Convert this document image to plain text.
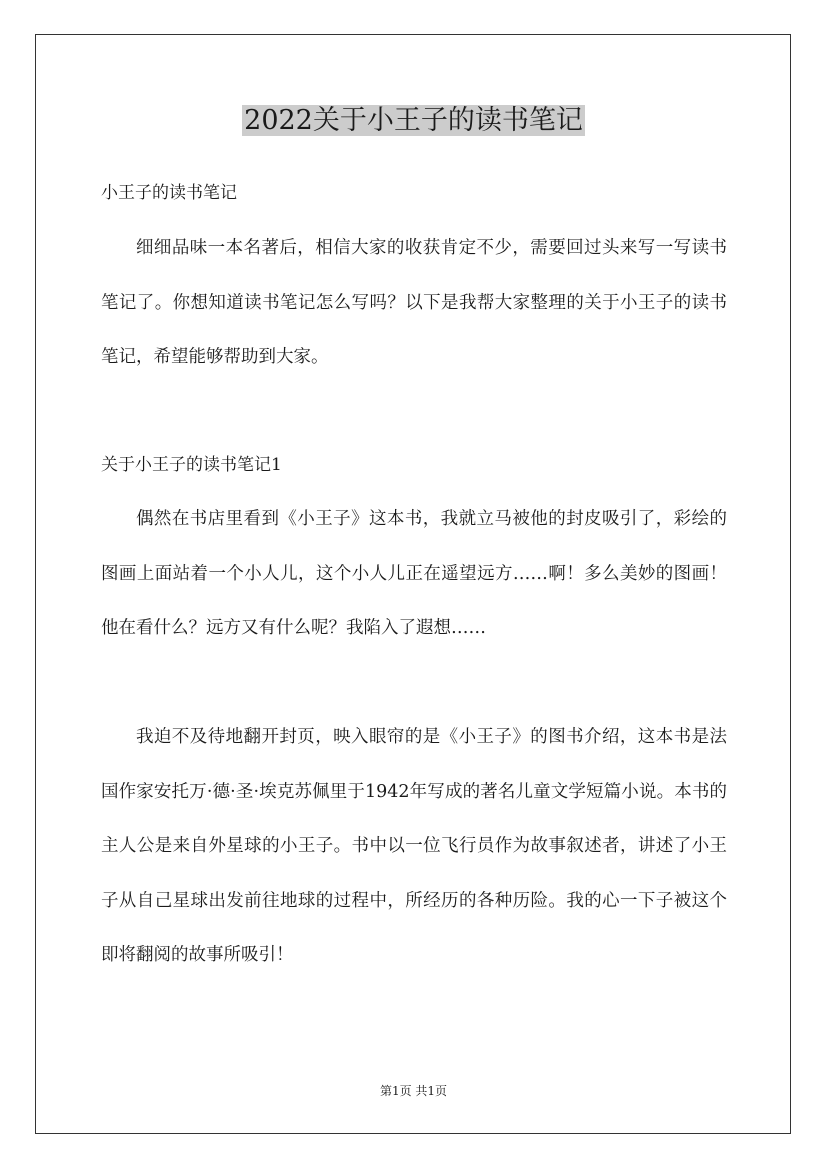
2022关于小王子的读书笔记
小王子的读书笔记
细细品味一本名著后，相信大家的收获肯定不少，需要回过头来写一写读书笔记了。你想知道读书笔记怎么写吗？以下是我帮大家整理的关于小王子的读书笔记，希望能够帮助到大家。
关于小王子的读书笔记1
偶然在书店里看到《小王子》这本书，我就立马被他的封皮吸引了，彩绘的图画上面站着一个小人儿，这个小人儿正在遥望远方……啊！多么美妙的图画！他在看什么？远方又有什么呢？我陷入了遐想……
我迫不及待地翻开封页，映入眼帘的是《小王子》的图书介绍，这本书是法国作家安托万·德·圣·埃克苏佩里于1942年写成的著名儿童文学短篇小说。本书的主人公是来自外星球的小王子。书中以一位飞行员作为故事叙述者，讲述了小王子从自己星球出发前往地球的过程中，所经历的各种历险。我的心一下子被这个即将翻阅的故事所吸引！
第1页 共1页
